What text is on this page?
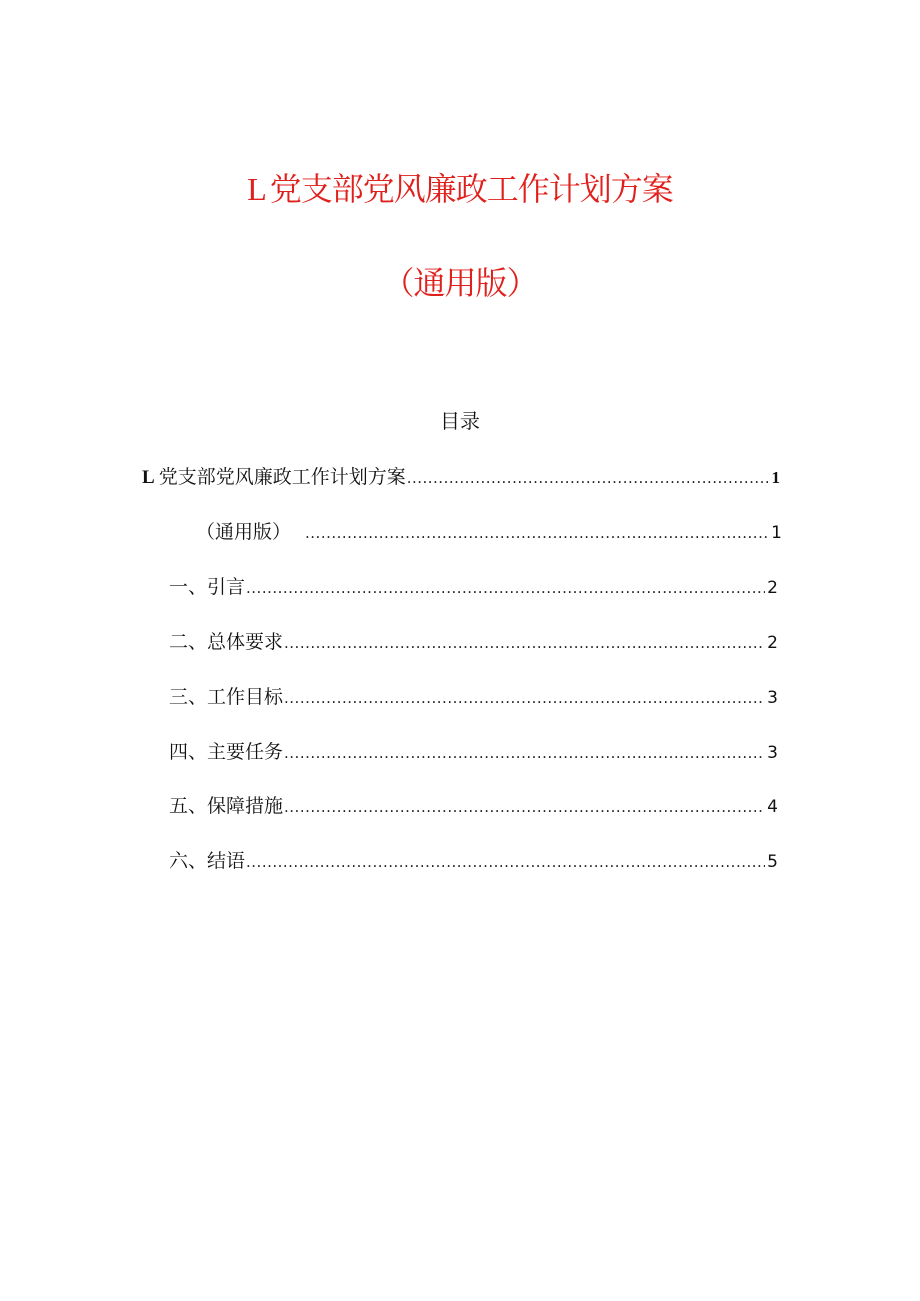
L 党支部党风廉政工作计划方案
（通用版）
目录
L 党支部党风廉政工作计划方案 .....	1
（通用版） .....	1
一、引言 .....	2
二、总体要求 .....	2
三、工作目标 .....	3
四、主要任务 .....	3
五、保障措施 .....	4
六、结语 .....	5
